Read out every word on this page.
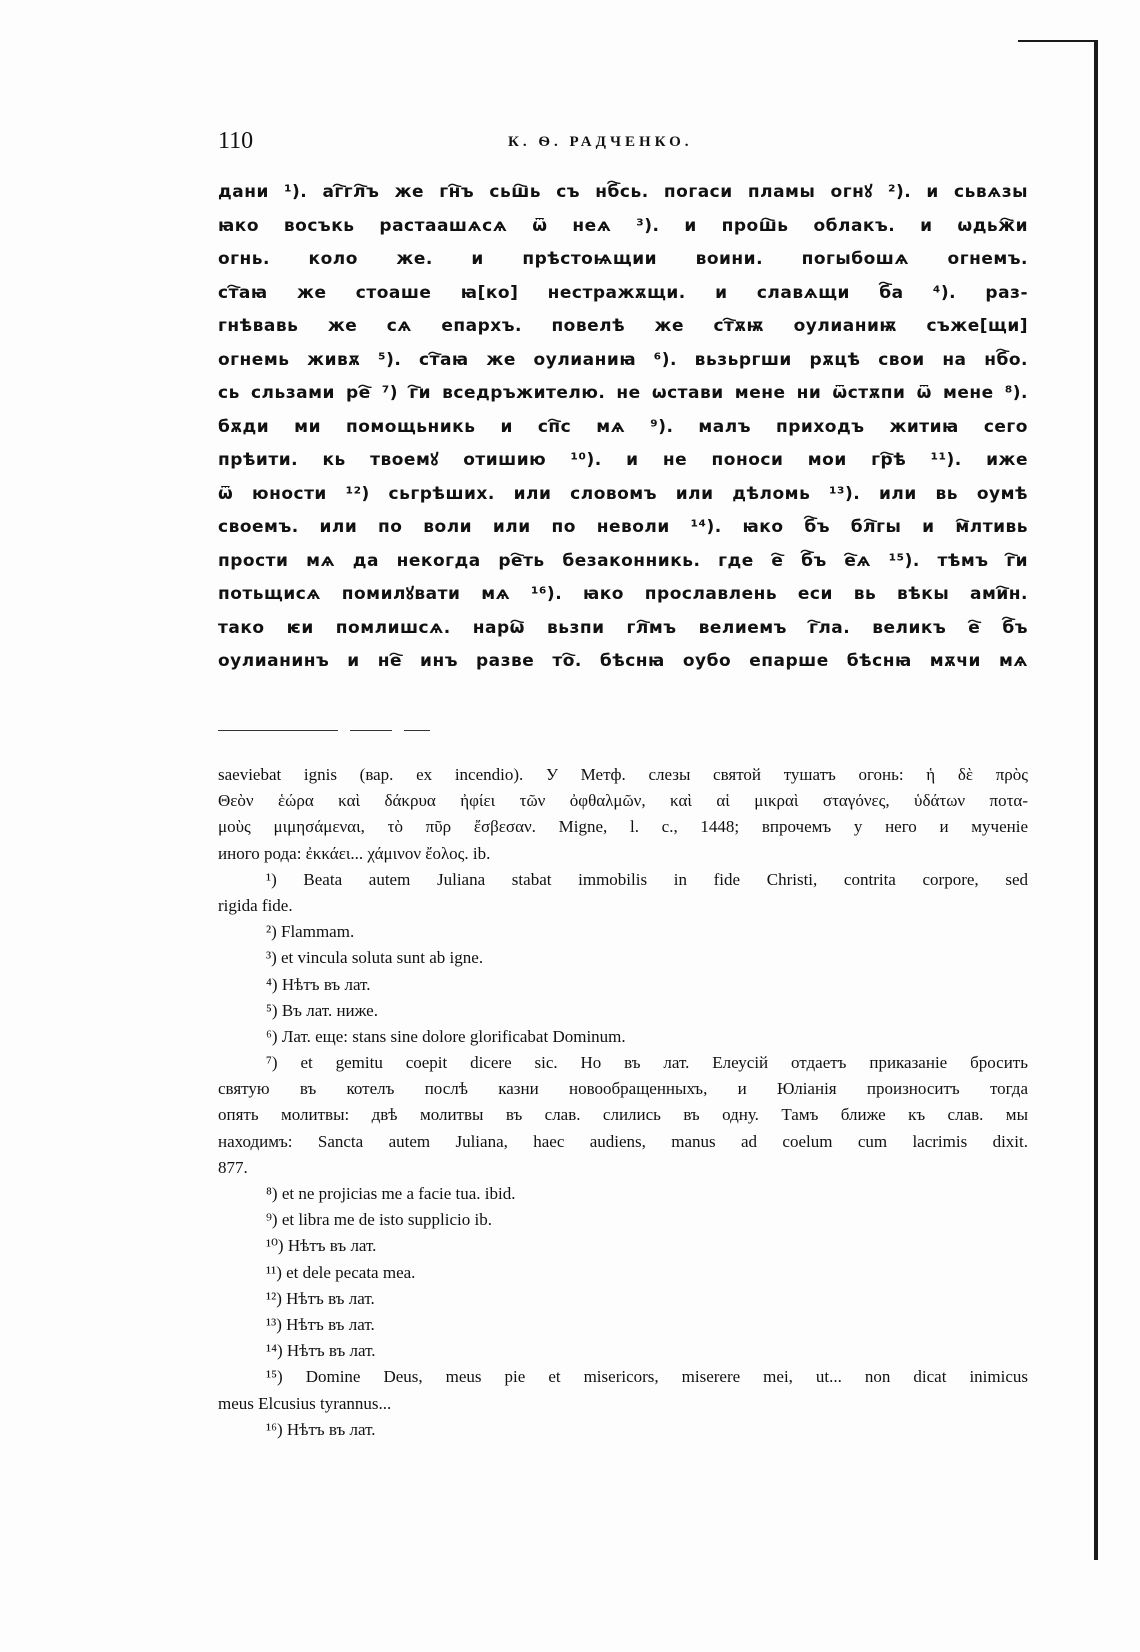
110	К. Ѳ. РАДЧЕНКО.
дани ¹). аг҇гл҇ъ же гн҇ъ сьш҇ь съ нб҇сь. погаси пламы огнꙋ ²). и сьвѧзы
ꙗко восъкь растаашѧсѧ ѿ неѧ ³). и прош҇ь облакъ. и ѡдьж҇и
огнь. коло же. и прѣстоѩщии воини. погыбошѧ огнемъ.
ст҇аꙗ же стоаше ꙗ[ко] нестражѫщи. и славѧщи б҇а ⁴). раз-
гнѣвавь же сѧ епархъ. повелѣ же ст҇ѫѭ оулианиѭ съже[щи]
огнемь живѫ ⁵). ст҇аꙗ же оулианиꙗ ⁶). вьзьргши рѫцѣ свои на нб҇о.
сь сльзами ре҇ ⁷) г҇и вседръжителю. не ѡстави мене ни ѿстѫпи ѿ мене ⁸).
бѫди ми помощьникь и сп҇с мѧ ⁹). малъ приходъ житиꙗ сего
прѣити. кь твоемꙋ отишию ¹⁰). и не поноси мои гр҇ѣ ¹¹). иже
ѿ юности ¹²) сьгрѣших. или словомъ или дѣломь ¹³). или вь оумѣ
своемъ. или по воли или по неволи ¹⁴). ꙗко б҇ъ бл҇гы и м҇лтивь
прости мѧ да некогда ре҇ть безаконникь. где е҇ б҇ъ е҇ѧ ¹⁵). тѣмъ г҇и
потьщисѧ помилꙋвати мѧ ¹⁶). ꙗко прославлень еси вь вѣкы ами҇н.
тако ѥи помлишсѧ. нарѡ҇ вьзпи гл҇мъ велиемъ г҇ла. великъ е҇ б҇ъ
оулианинъ и не҇ инъ разве то҇. бѣснꙗ оубо епарше бѣснꙗ мѫчи мѧ
saeviebat ignis (вар. ex incendio). У Метф. слезы святой тушатъ огонь: ἡ δὲ πρὸς
Θεὸν ἑώρα καὶ δάκρυα ἠφίει τῶν ὀφθαλμῶν, καὶ αἱ μικραὶ σταγόνες, ὑδάτων ποτα-
μοὺς μιμησάμεναι, τὸ πῦρ ἔσβεσαν. Migne, l. c., 1448; впрочемъ у него и мученіе
иного рода: ἐκκάει... χάμινον ἔολος. ib.
¹) Beata autem Juliana stabat immobilis in fide Christi, contrita corpore, sed
rigida fide.
²) Flammam.
³) et vincula soluta sunt ab igne.
⁴) Нѣтъ въ лат.
⁵) Въ лат. ниже.
⁶) Лат. еще: stans sine dolore glorificabat Dominum.
⁷) et gemitu coepit dicere sic. Но въ лат. Елеусій отдаетъ приказаніе бросить
святую въ котелъ послѣ казни новообращенныхъ, и Юліанія произноситъ тогда
опять молитвы: двѣ молитвы въ слав. слились въ одну. Тамъ ближе къ слав. мы
находимъ: Sancta autem Juliana, haec audiens, manus ad coelum cum lacrimis dixit.
877.
⁸) et ne projicias me a facie tua. ibid.
⁹) et libra me de isto supplicio ib.
¹⁰) Нѣтъ въ лат.
¹¹) et dele pecata mea.
¹²) Нѣтъ въ лат.
¹³) Нѣтъ въ лат.
¹⁴) Нѣтъ въ лат.
¹⁵) Domine Deus, meus pie et misericors, miserere mei, ut... non dicat inimicus
meus Elcusius tyrannus...
¹⁶) Нѣтъ въ лат.
